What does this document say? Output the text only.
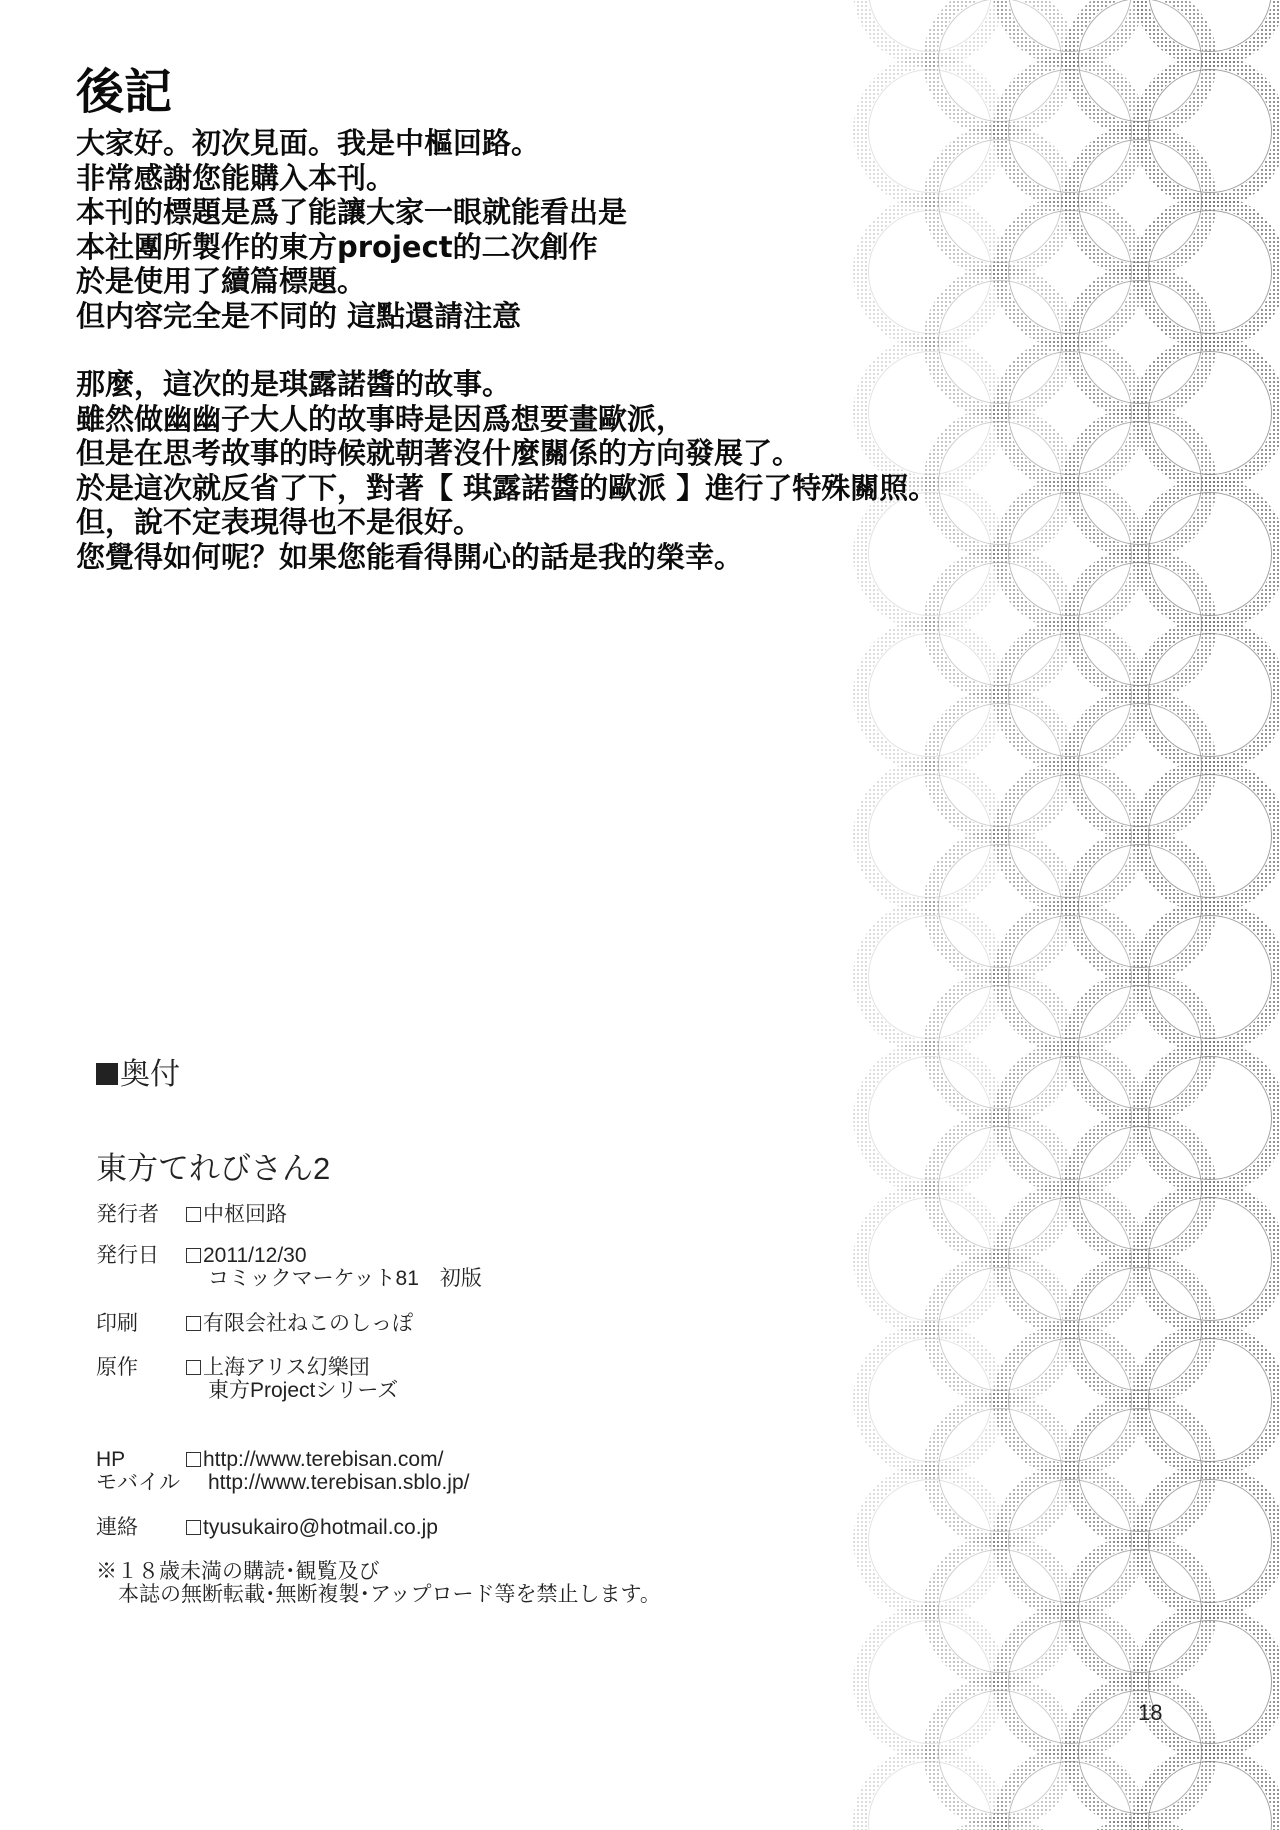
後記
大家好。初次見面。我是中樞回路。
非常感謝您能購入本刊。
本刊的標題是爲了能讓大家一眼就能看出是
本社團所製作的東方project的二次創作
於是使用了續篇標題。
但内容完全是不同的 這點還請注意
那麼，這次的是琪露諾醬的故事。
雖然做幽幽子大人的故事時是因爲想要畫歐派，
但是在思考故事的時候就朝著沒什麼關係的方向發展了。
於是這次就反省了下，對著【 琪露諾醬的歐派 】進行了特殊關照。
但，說不定表現得也不是很好。
您覺得如何呢？如果您能看得開心的話是我的榮幸。
奥付
東方てれびさん2
発行者	中枢回路
発行日	2011/12/30
コミックマーケット81　初版
印刷	有限会社ねこのしっぽ
原作	上海アリス幻樂団
東方Projectシリーズ
HP	http://www.terebisan.com/
モバイル http://www.terebisan.sblo.jp/
連絡	tyusukairo@hotmail.co.jp
※１８歳未満の購読･観覧及び
本誌の無断転載･無断複製･アップロード等を禁止します。
18
